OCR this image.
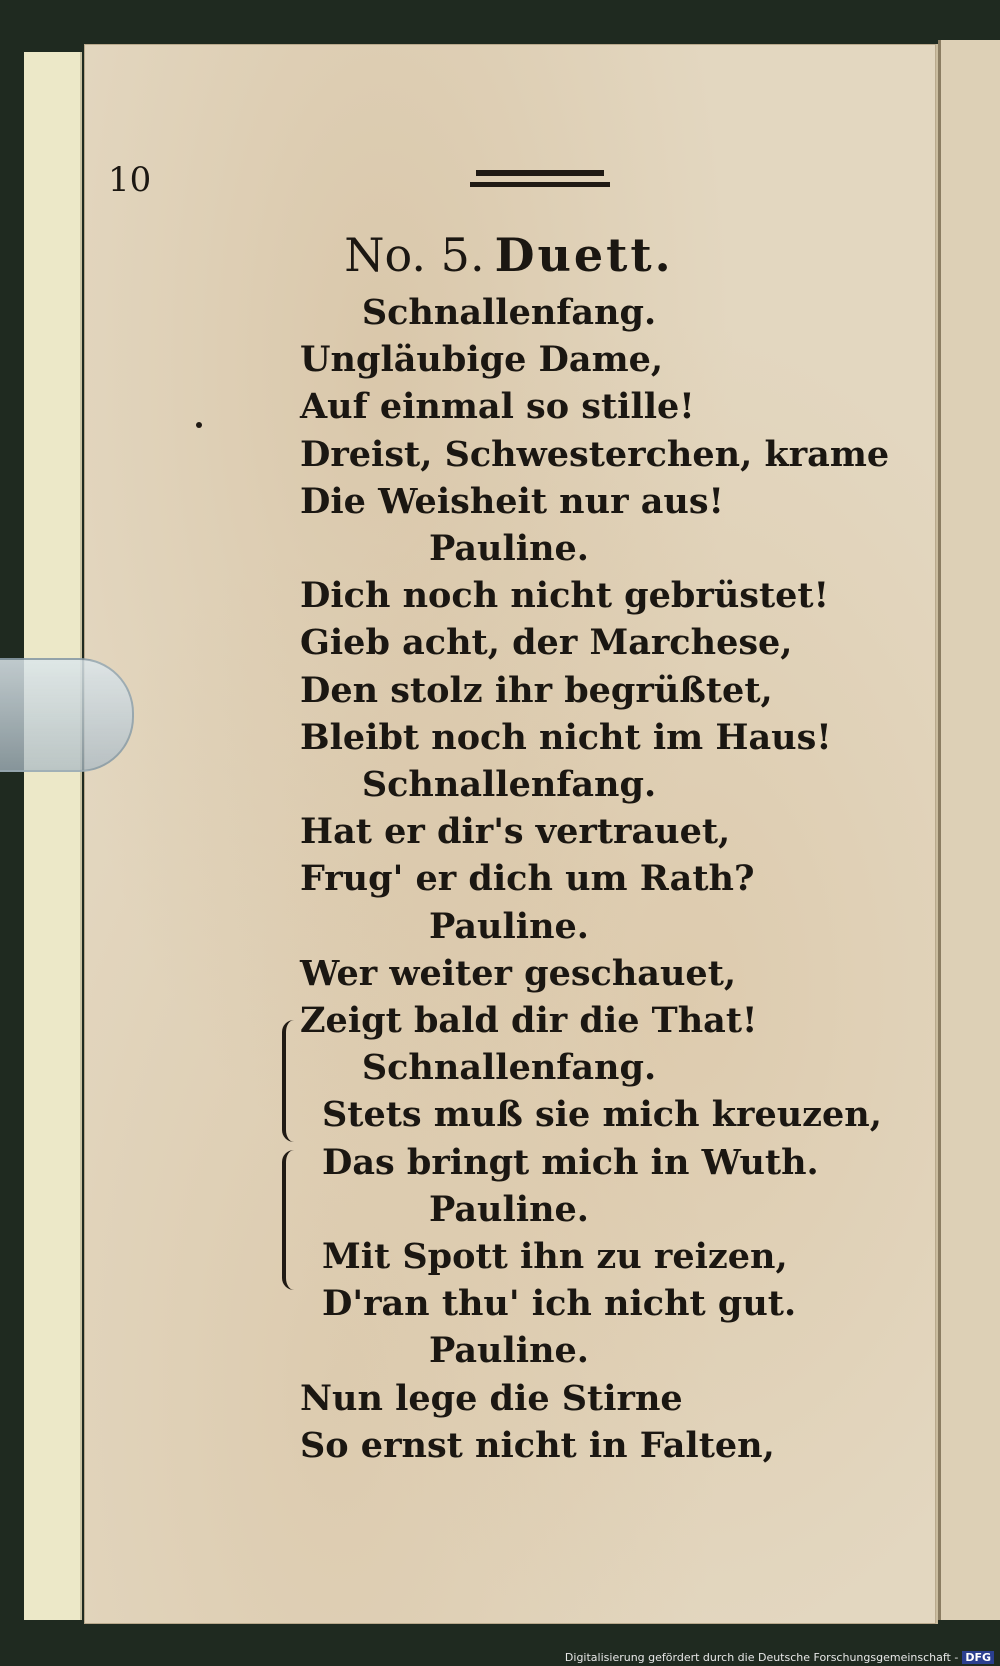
10
No. 5. Duett.
Schnallenfang.
Ungläubige Dame,
Auf einmal so stille!
Dreist, Schwesterchen, krame
Die Weisheit nur aus!
Pauline.
Dich noch nicht gebrüstet!
Gieb acht, der Marchese,
Den stolz ihr begrüßtet,
Bleibt noch nicht im Haus!
Schnallenfang.
Hat er dir's vertrauet,
Frug' er dich um Rath?
Pauline.
Wer weiter geschauet,
Zeigt bald dir die That!
Schnallenfang.
Stets muß sie mich kreuzen,
Das bringt mich in Wuth.
Pauline.
Mit Spott ihn zu reizen,
D'ran thu' ich nicht gut.
Pauline.
Nun lege die Stirne
So ernst nicht in Falten,
Digitalisierung gefördert durch die Deutsche Forschungsgemeinschaft - DFG
